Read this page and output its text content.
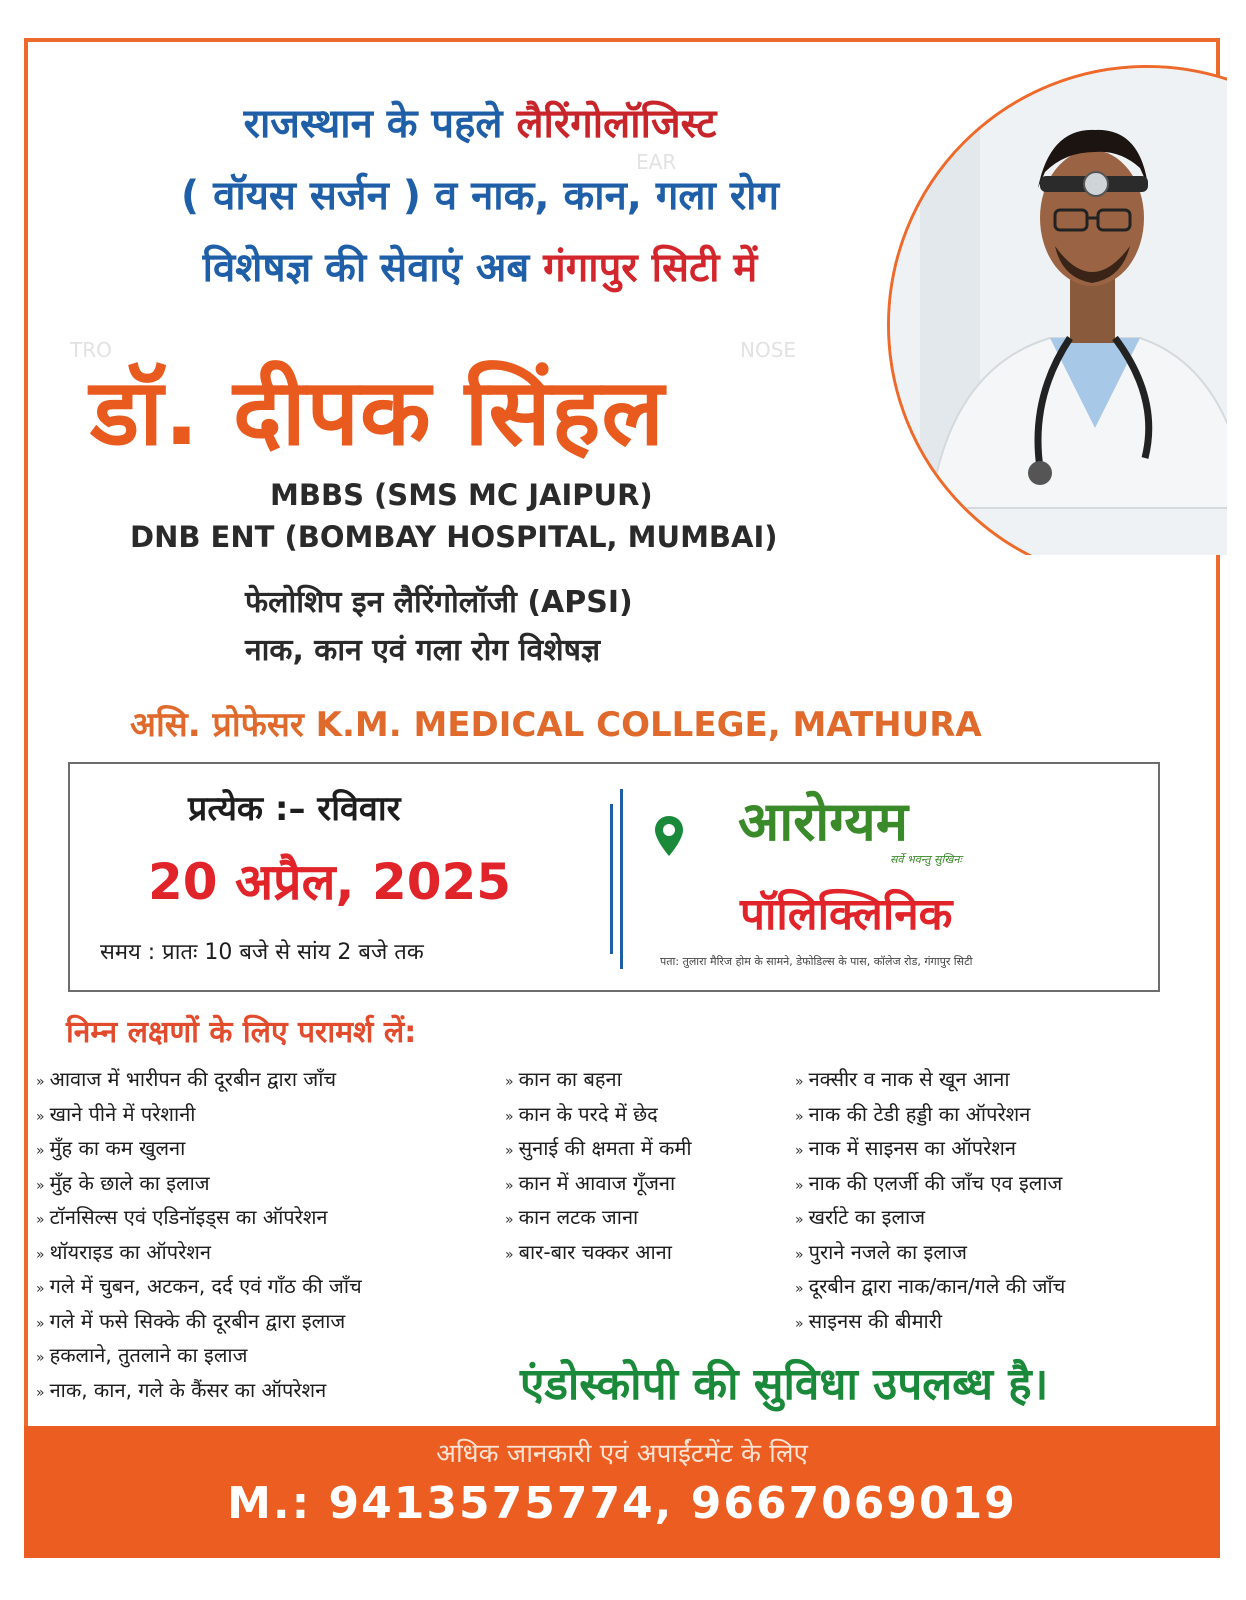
EAR
TRO	NOSE
राजस्थान के पहले लैरिंगोलॉजिस्ट
( वॉयस सर्जन ) व नाक, कान, गला रोग
विशेषज्ञ की सेवाएं अब गंगापुर सिटी में
डॉ. दीपक सिंहल
MBBS (SMS MC JAIPUR)
DNB ENT (BOMBAY HOSPITAL, MUMBAI)
फेलोशिप इन लैरिंगोलॉजी (APSI)
नाक, कान एवं गला रोग विशेषज्ञ
असि. प्रोफेसर K.M. MEDICAL COLLEGE, MATHURA
प्रत्येक :– रविवार
20 अप्रैल, 2025
समय : प्रातः 10 बजे से सांय 2 बजे तक
आरोग्यम
सर्वे भवन्तु सुखिनः
पॉलिक्लिनिक
पता: तुलारा मैरिज होम के सामने, डेफोडिल्स के पास, कॉलेज रोड, गंगापुर सिटी
निम्न लक्षणों के लिए परामर्श लें:
» आवाज में भारीपन की दूरबीन द्वारा जाँच
» खाने पीने में परेशानी
» मुँह का कम खुलना
» मुँह के छाले का इलाज
» टॉनसिल्स एवं एडिनॉइड्स का ऑपरेशन
» थॉयराइड का ऑपरेशन
» गले में चुबन, अटकन, दर्द एवं गाँठ की जाँच
» गले में फसे सिक्के की दूरबीन द्वारा इलाज
» हकलाने, तुतलाने का इलाज
» नाक, कान, गले के कैंसर का ऑपरेशन
» कान का बहना
» कान के परदे में छेद
» सुनाई की क्षमता में कमी
» कान में आवाज गूँजना
» कान लटक जाना
» बार-बार चक्कर आना
» नक्सीर व नाक से खून आना
» नाक की टेडी हड्डी का ऑपरेशन
» नाक में साइनस का ऑपरेशन
» नाक की एलर्जी की जाँच एव इलाज
» खर्राटे का इलाज
» पुराने नजले का इलाज
» दूरबीन द्वारा नाक/कान/गले की जाँच
» साइनस की बीमारी
एंडोस्कोपी की सुविधा उपलब्ध है।
अधिक जानकारी एवं अपाईंटमेंट के लिए
M.: 9413575774, 9667069019
